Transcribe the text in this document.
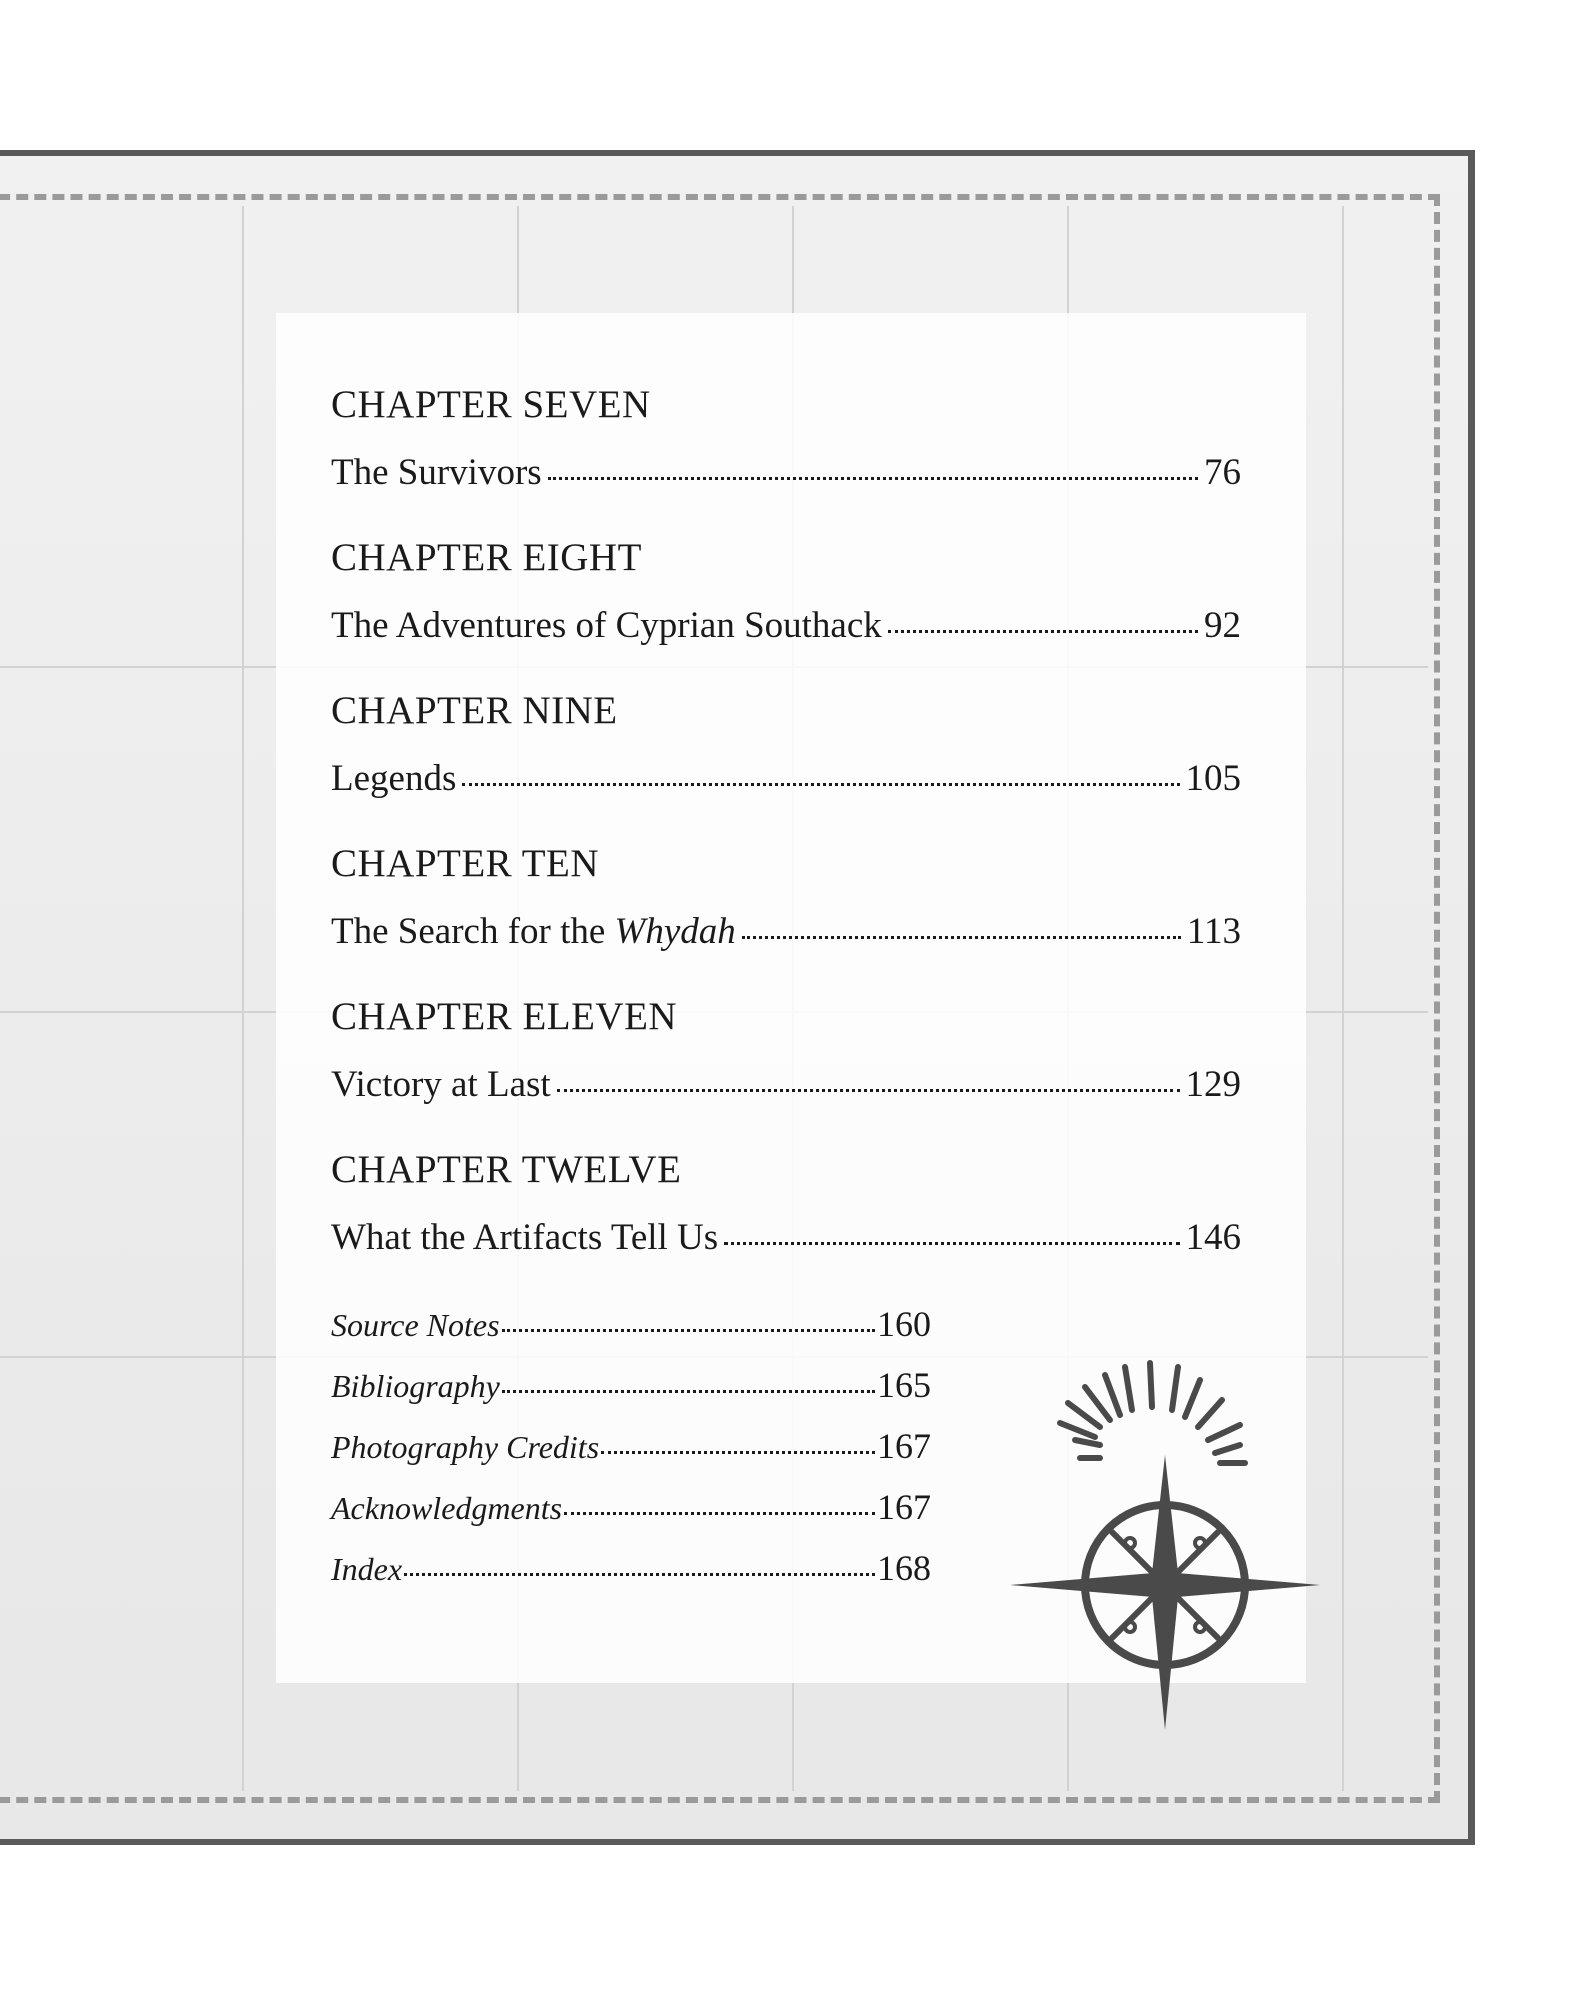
CHAPTER SEVEN
The Survivors	76
CHAPTER EIGHT
The Adventures of Cyprian Southack	92
CHAPTER NINE
Legends	105
CHAPTER TEN
The Search for the Whydah	113
CHAPTER ELEVEN
Victory at Last	129
CHAPTER TWELVE
What the Artifacts Tell Us	146
Source Notes	160
Bibliography	165
Photography Credits	167
Acknowledgments	167
Index	168
